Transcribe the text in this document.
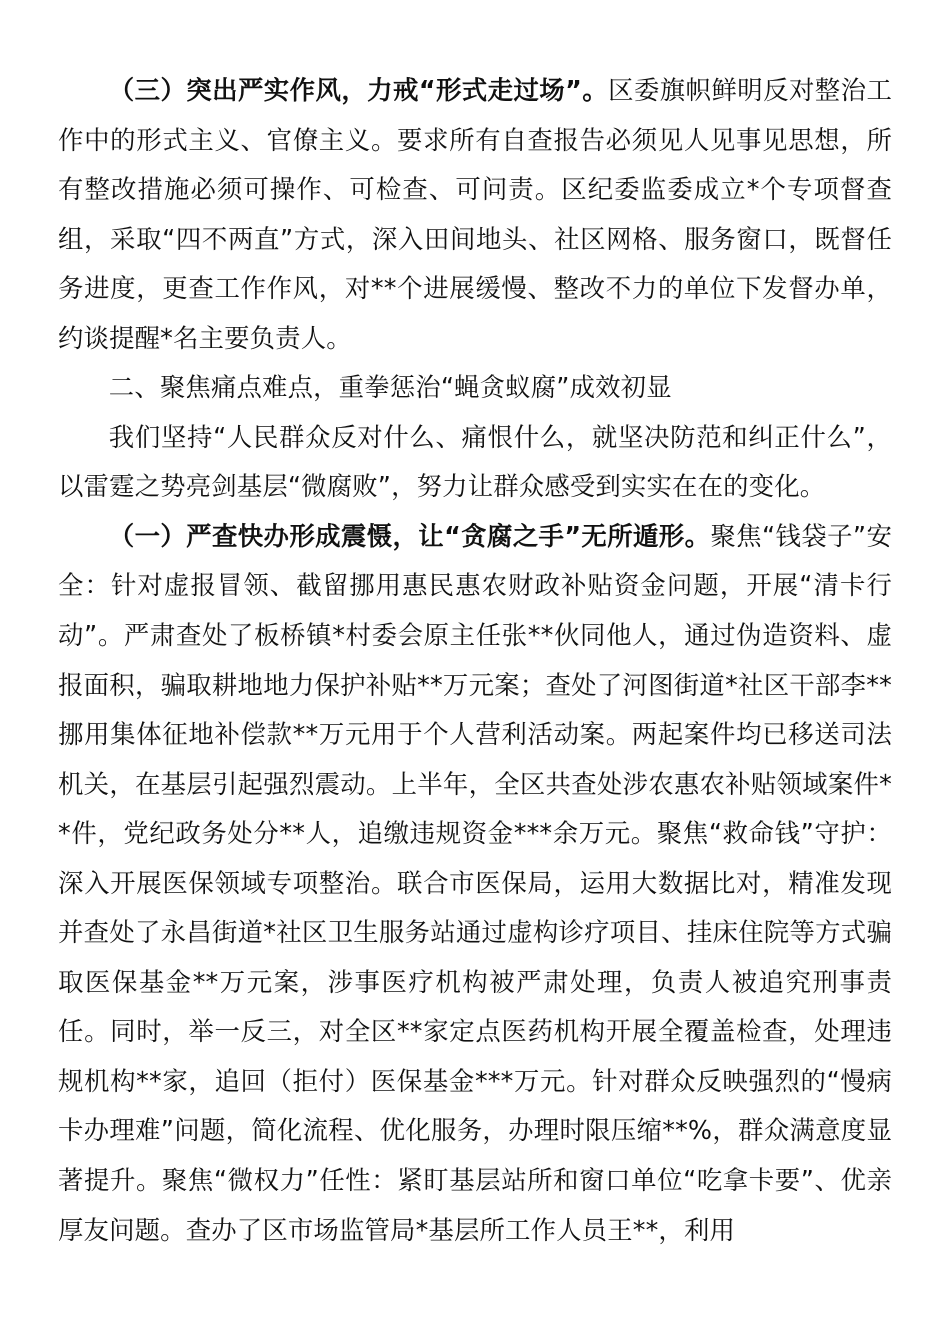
（三）突出严实作风，力戒“形式走过场”。区委旗帜鲜明反对整治工作中的形式主义、官僚主义。要求所有自查报告必须见人见事见思想，所有整改措施必须可操作、可检查、可问责。区纪委监委成立*个专项督查组，采取“四不两直”方式，深入田间地头、社区网格、服务窗口，既督任务进度，更查工作作风，对**个进展缓慢、整改不力的单位下发督办单，约谈提醒*名主要负责人。

二、聚焦痛点难点，重拳惩治“蝇贪蚁腐”成效初显

我们坚持“人民群众反对什么、痛恨什么，就坚决防范和纠正什么”，以雷霆之势亮剑基层“微腐败”，努力让群众感受到实实在在的变化。

（一）严查快办形成震慑，让“贪腐之手”无所遁形。聚焦“钱袋子”安全：针对虚报冒领、截留挪用惠民惠农财政补贴资金问题，开展“清卡行动”。严肃查处了板桥镇*村委会原主任张**伙同他人，通过伪造资料、虚报面积，骗取耕地地力保护补贴**万元案；查处了河图街道*社区干部李**挪用集体征地补偿款**万元用于个人营利活动案。两起案件均已移送司法机关，在基层引起强烈震动。上半年，全区共查处涉农惠农补贴领域案件**件，党纪政务处分**人，追缴违规资金***余万元。聚焦“救命钱”守护：深入开展医保领域专项整治。联合市医保局，运用大数据比对，精准发现并查处了永昌街道*社区卫生服务站通过虚构诊疗项目、挂床住院等方式骗取医保基金**万元案，涉事医疗机构被严肃处理，负责人被追究刑事责任。同时，举一反三，对全区**家定点医药机构开展全覆盖检查，处理违规机构**家，追回（拒付）医保基金***万元。针对群众反映强烈的“慢病卡办理难”问题，简化流程、优化服务，办理时限压缩**%，群众满意度显著提升。聚焦“微权力”任性：紧盯基层站所和窗口单位“吃拿卡要”、优亲厚友问题。查办了区市场监管局*基层所工作人员王**，利用
